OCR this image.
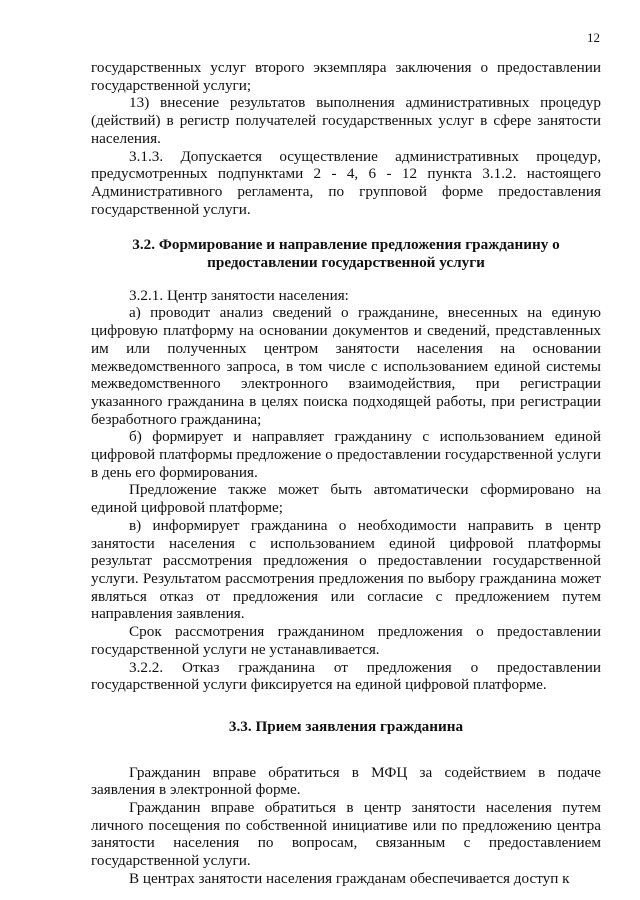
12

государственных услуг второго экземпляра заключения о предоставлении государственной услуги;

13) внесение результатов выполнения административных процедур (действий) в регистр получателей государственных услуг в сфере занятости населения.

3.1.3. Допускается осуществление административных процедур, предусмотренных подпунктами 2 - 4, 6 - 12 пункта 3.1.2. настоящего Административного регламента, по групповой форме предоставления государственной услуги.

3.2. Формирование и направление предложения гражданину о предоставлении государственной услуги

3.2.1. Центр занятости населения:

а) проводит анализ сведений о гражданине, внесенных на единую цифровую платформу на основании документов и сведений, представленных им или полученных центром занятости населения на основании межведомственного запроса, в том числе с использованием единой системы межведомственного электронного взаимодействия, при регистрации указанного гражданина в целях поиска подходящей работы, при регистрации безработного гражданина;

б) формирует и направляет гражданину с использованием единой цифровой платформы предложение о предоставлении государственной услуги в день его формирования.

Предложение также может быть автоматически сформировано на единой цифровой платформе;

в) информирует гражданина о необходимости направить в центр занятости населения с использованием единой цифровой платформы результат рассмотрения предложения о предоставлении государственной услуги. Результатом рассмотрения предложения по выбору гражданина может являться отказ от предложения или согласие с предложением путем направления заявления.

Срок рассмотрения гражданином предложения о предоставлении государственной услуги не устанавливается.

3.2.2. Отказ гражданина от предложения о предоставлении государственной услуги фиксируется на единой цифровой платформе.

3.3. Прием заявления гражданина

Гражданин вправе обратиться в МФЦ за содействием в подаче заявления в электронной форме.

Гражданин вправе обратиться в центр занятости населения путем личного посещения по собственной инициативе или по предложению центра занятости населения по вопросам, связанным с предоставлением государственной услуги.

В центрах занятости населения гражданам обеспечивается доступ к
